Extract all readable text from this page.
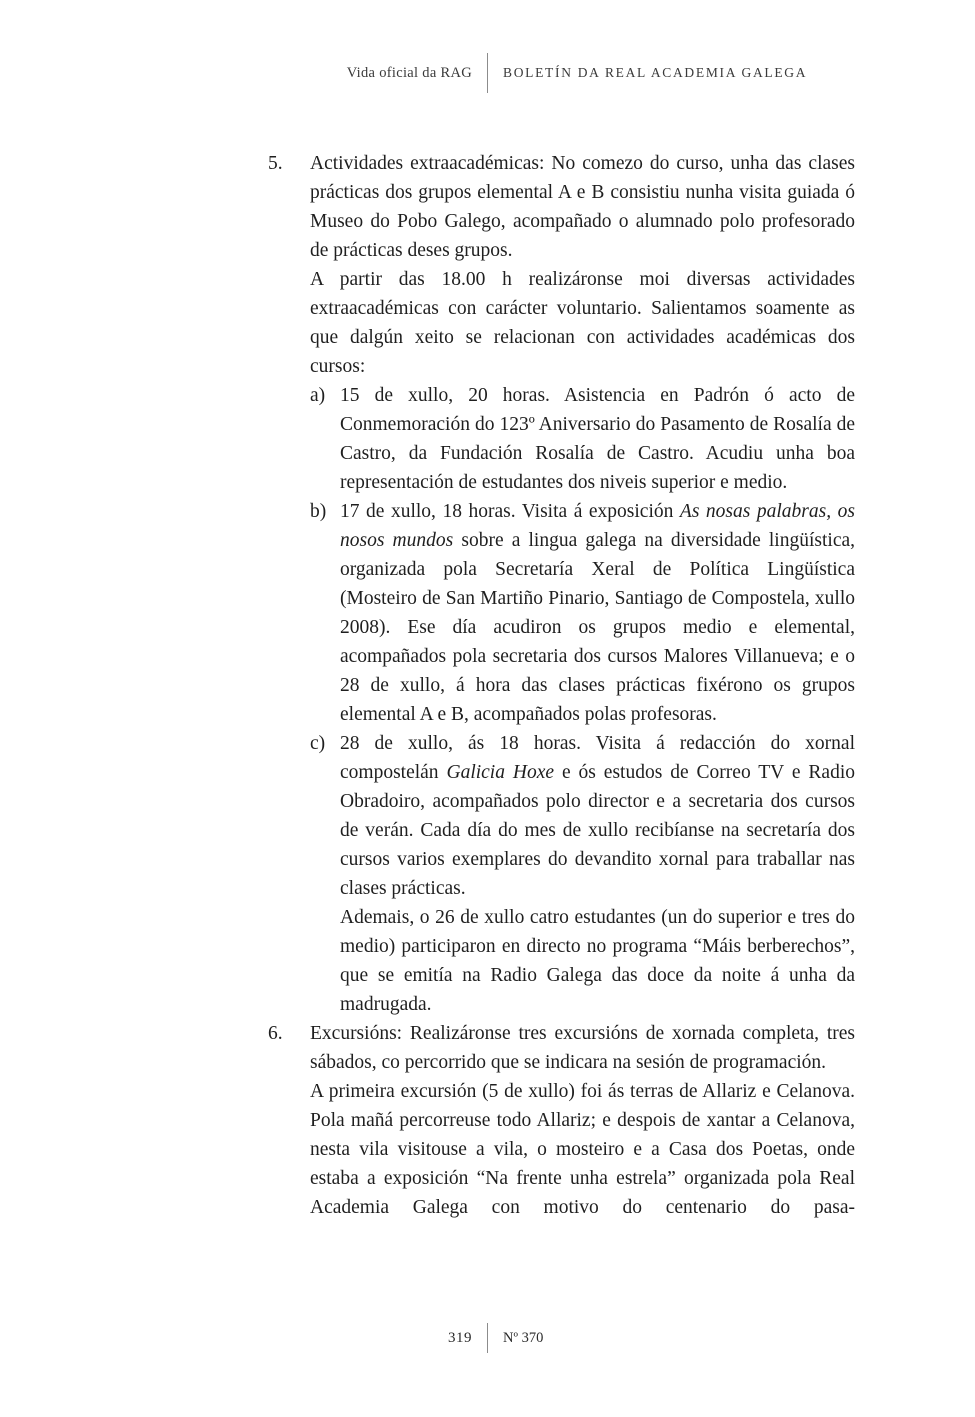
Vida oficial da RAG BOLETÍN DA REAL ACADEMIA GALEGA
5.	Actividades extraacadémicas: No comezo do curso, unha das clases prácticas dos grupos elemental A e B consistiu nunha visita guiada ó Museo do Pobo Galego, acompañado o alumnado polo profesorado de prácticas deses grupos.

A partir das 18.00 h realizáronse moi diversas actividades extraacadémicas con carácter voluntario. Salientamos soamente as que dalgún xeito se relacionan con actividades académicas dos cursos:

a) 15 de xullo, 20 horas. Asistencia en Padrón ó acto de Conmemoración do 123º Aniversario do Pasamento de Rosalía de Castro, da Fundación Rosalía de Castro. Acudiu unha boa representación de estudantes dos niveis superior e medio.

b) 17 de xullo, 18 horas. Visita á exposición As nosas palabras, os nosos mundos sobre a lingua galega na diversidade lingüística, organizada pola Secretaría Xeral de Política Lingüística (Mosteiro de San Martiño Pinario, Santiago de Compostela, xullo 2008). Ese día acudiron os grupos medio e elemental, acompañados pola secretaria dos cursos Malores Villanueva; e o 28 de xullo, á hora das clases prácticas fixérono os grupos elemental A e B, acompañados polas profesoras.

c) 28 de xullo, ás 18 horas. Visita á redacción do xornal compostelán Galicia Hoxe e ós estudos de Correo TV e Radio Obradoiro, acompañados polo director e a secretaria dos cursos de verán. Cada día do mes de xullo recibíanse na secretaría dos cursos varios exemplares do devandito xornal para traballar nas clases prácticas.

Ademais, o 26 de xullo catro estudantes (un do superior e tres do medio) participaron en directo no programa “Máis berberechos”, que se emitía na Radio Galega das doce da noite á unha da madrugada.

6.	Excursións: Realizáronse tres excursións de xornada completa, tres sábados, co percorrido que se indicara na sesión de programación.

A primeira excursión (5 de xullo) foi ás terras de Allariz e Celanova. Pola mañá percorreuse todo Allariz; e despois de xantar a Celanova, nesta vila visitouse a vila, o mosteiro e a Casa dos Poetas, onde estaba a exposición “Na frente unha estrela” organizada pola Real Academia Galega con motivo do centenario do pasa-

319 Nº 370
